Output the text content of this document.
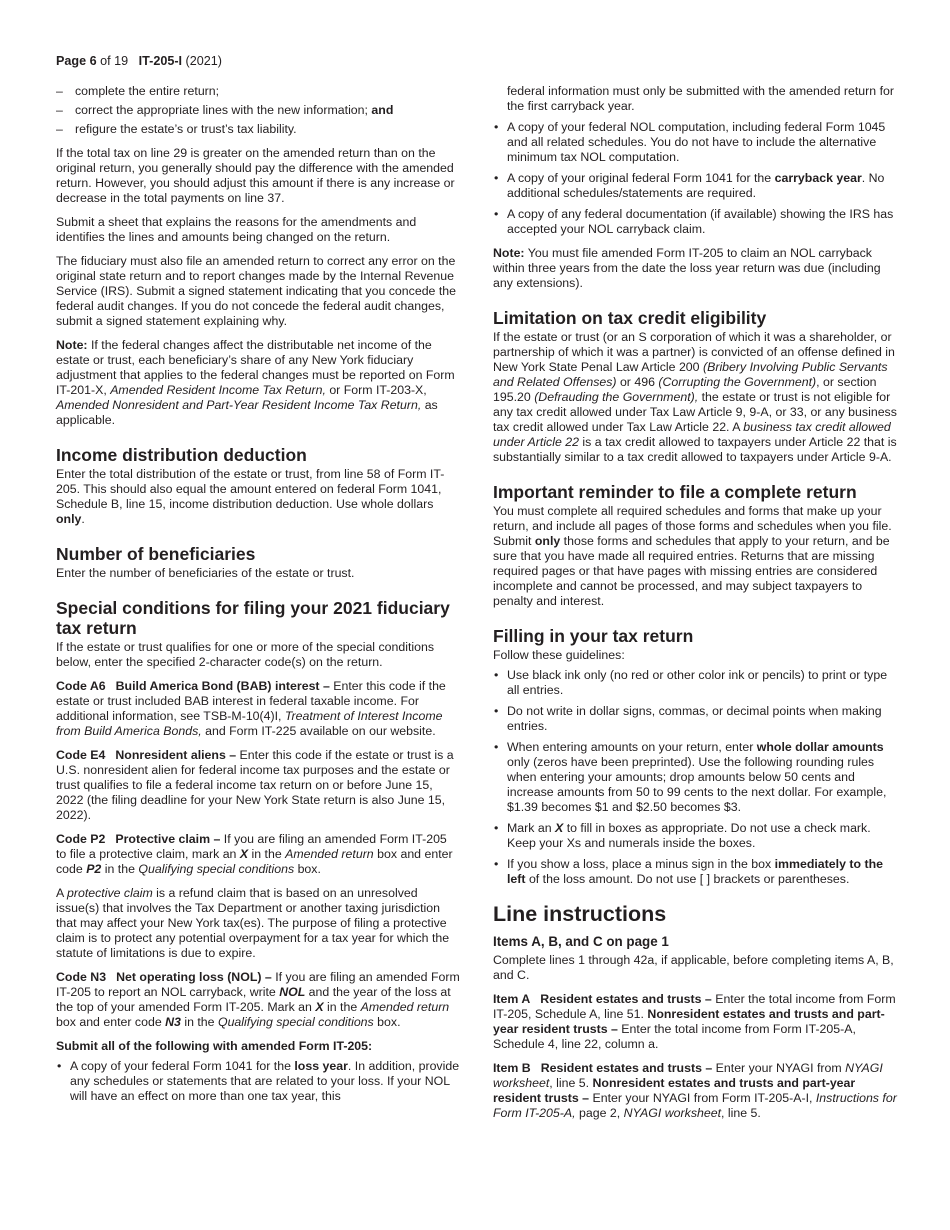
Page 6 of 19 IT-205-I (2021)
– complete the entire return;
– correct the appropriate lines with the new information; and
– refigure the estate’s or trust’s tax liability.

If the total tax on line 29 is greater on the amended return than on the original return, you generally should pay the difference with the amended return. However, you should adjust this amount if there is any increase or decrease in the total payments on line 37.

Submit a sheet that explains the reasons for the amendments and identifies the lines and amounts being changed on the return.

The fiduciary must also file an amended return to correct any error on the original state return and to report changes made by the Internal Revenue Service (IRS). Submit a signed statement indicating that you concede the federal audit changes. If you do not concede the federal audit changes, submit a signed statement explaining why.

Note: If the federal changes affect the distributable net income of the estate or trust, each beneficiary’s share of any New York fiduciary adjustment that applies to the federal changes must be reported on Form IT-201-X, Amended Resident Income Tax Return, or Form IT-203-X, Amended Nonresident and Part-Year Resident Income Tax Return, as applicable.

Income distribution deduction

Enter the total distribution of the estate or trust, from line 58 of Form IT-205. This should also equal the amount entered on federal Form 1041, Schedule B, line 15, income distribution deduction. Use whole dollars only.

Number of beneficiaries

Enter the number of beneficiaries of the estate or trust.

Special conditions for filing your 2021 fiduciary tax return

If the estate or trust qualifies for one or more of the special conditions below, enter the specified 2-character code(s) on the return.

Code A6 Build America Bond (BAB) interest – Enter this code if the estate or trust included BAB interest in federal taxable income. For additional information, see TSB-M-10(4)I, Treatment of Interest Income from Build America Bonds, and Form IT-225 available on our website.

Code E4 Nonresident aliens – Enter this code if the estate or trust is a U.S. nonresident alien for federal income tax purposes and the estate or trust qualifies to file a federal income tax return on or before June 15, 2022 (the filing deadline for your New York State return is also June 15, 2022).

Code P2 Protective claim – If you are filing an amended Form IT-205 to file a protective claim, mark an X in the Amended return box and enter code P2 in the Qualifying special conditions box.

A protective claim is a refund claim that is based on an unresolved issue(s) that involves the Tax Department or another taxing jurisdiction that may affect your New York tax(es). The purpose of filing a protective claim is to protect any potential overpayment for a tax year for which the statute of limitations is due to expire.

Code N3 Net operating loss (NOL) – If you are filing an amended Form IT-205 to report an NOL carryback, write NOL and the year of the loss at the top of your amended Form IT-205. Mark an X in the Amended return box and enter code N3 in the Qualifying special conditions box.

Submit all of the following with amended Form IT-205:

• A copy of your federal Form 1041 for the loss year. In addition, provide any schedules or statements that are related to your loss. If your NOL will have an effect on more than one tax year, this
federal information must only be submitted with the amended return for the first carryback year.
• A copy of your federal NOL computation, including federal Form 1045 and all related schedules. You do not have to include the alternative minimum tax NOL computation.
• A copy of your original federal Form 1041 for the carryback year. No additional schedules/statements are required.
• A copy of any federal documentation (if available) showing the IRS has accepted your NOL carryback claim.

Note: You must file amended Form IT-205 to claim an NOL carryback within three years from the date the loss year return was due (including any extensions).

Limitation on tax credit eligibility

If the estate or trust (or an S corporation of which it was a shareholder, or partnership of which it was a partner) is convicted of an offense defined in New York State Penal Law Article 200 (Bribery Involving Public Servants and Related Offenses) or 496 (Corrupting the Government), or section 195.20 (Defrauding the Government), the estate or trust is not eligible for any tax credit allowed under Tax Law Article 9, 9-A, or 33, or any business tax credit allowed under Tax Law Article 22. A business tax credit allowed under Article 22 is a tax credit allowed to taxpayers under Article 22 that is substantially similar to a tax credit allowed to taxpayers under Article 9-A.

Important reminder to file a complete return

You must complete all required schedules and forms that make up your return, and include all pages of those forms and schedules when you file. Submit only those forms and schedules that apply to your return, and be sure that you have made all required entries. Returns that are missing required pages or that have pages with missing entries are considered incomplete and cannot be processed, and may subject taxpayers to penalty and interest.

Filling in your tax return

Follow these guidelines:

• Use black ink only (no red or other color ink or pencils) to print or type all entries.
• Do not write in dollar signs, commas, or decimal points when making entries.
• When entering amounts on your return, enter whole dollar amounts only (zeros have been preprinted). Use the following rounding rules when entering your amounts; drop amounts below 50 cents and increase amounts from 50 to 99 cents to the next dollar. For example, $1.39 becomes $1 and $2.50 becomes $3.
• Mark an X to fill in boxes as appropriate. Do not use a check mark. Keep your Xs and numerals inside the boxes.
• If you show a loss, place a minus sign in the box immediately to the left of the loss amount. Do not use [ ] brackets or parentheses.
Line instructions
Items A, B, and C on page 1

Complete lines 1 through 42a, if applicable, before completing items A, B, and C.

Item A Resident estates and trusts – Enter the total income from Form IT-205, Schedule A, line 51. Nonresident estates and trusts and part-year resident trusts – Enter the total income from Form IT-205-A, Schedule 4, line 22, column a.

Item B Resident estates and trusts – Enter your NYAGI from NYAGI worksheet, line 5. Nonresident estates and trusts and part-year resident trusts – Enter your NYAGI from Form IT-205-A-I, Instructions for Form IT-205-A, page 2, NYAGI worksheet, line 5.
